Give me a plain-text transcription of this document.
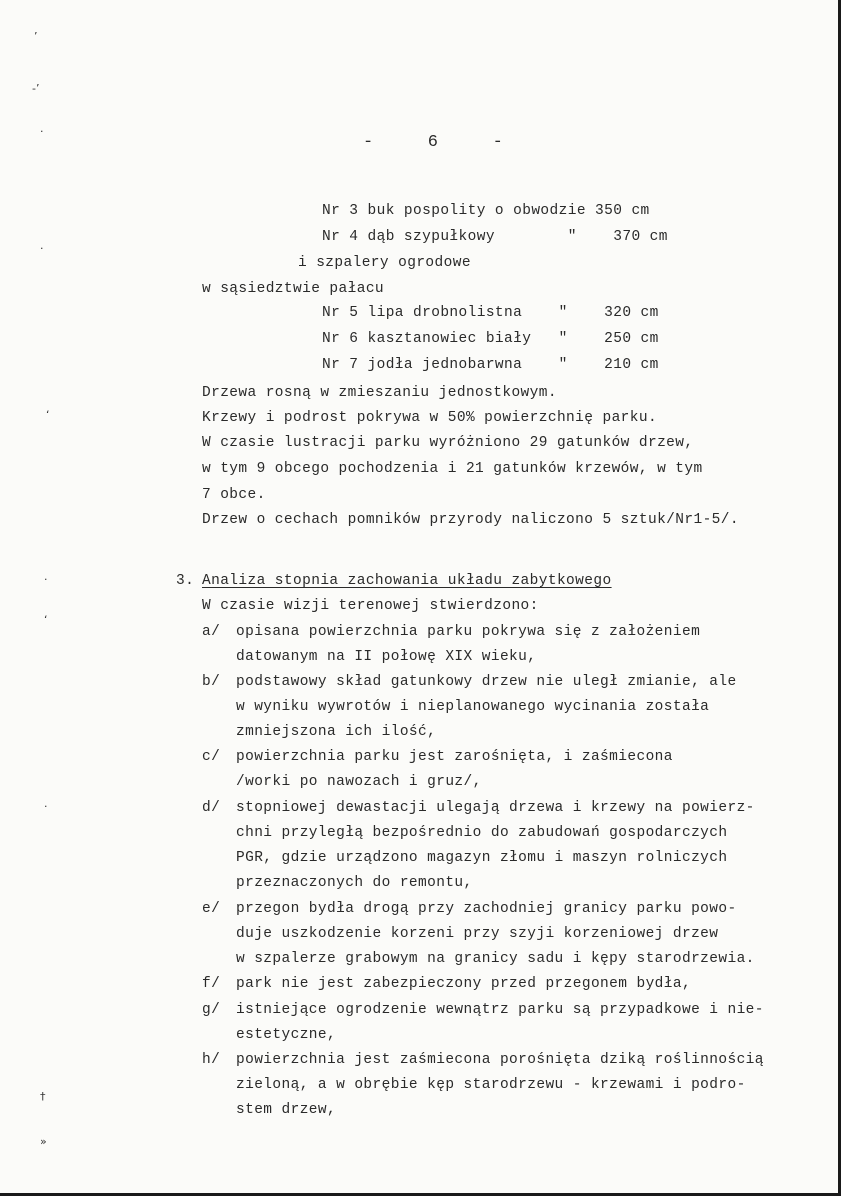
’
-’
·
·
ʻ
·
ʻ
·
†
»
-   6   -
Nr 3 buk pospolity o obwodzie 350 cm
Nr 4 dąb szypułkowy        "    370 cm
i szpalery ogrodowe
w sąsiedztwie pałacu
Nr 5 lipa drobnolistna    "    320 cm
Nr 6 kasztanowiec biały   "    250 cm
Nr 7 jodła jednobarwna    "    210 cm
Drzewa rosną w zmieszaniu jednostkowym.
Krzewy i podrost pokrywa w 50% powierzchnię parku.
W czasie lustracji parku wyróżniono 29 gatunków drzew,
w tym 9 obcego pochodzenia i 21 gatunków krzewów, w tym
7 obce.
Drzew o cechach pomników przyrody naliczono 5 sztuk/Nr1-5/.
3. Analiza stopnia zachowania układu zabytkowego
W czasie wizji terenowej stwierdzono:
a/ opisana powierzchnia parku pokrywa się z założeniem
datowanym na II połowę XIX wieku,
b/ podstawowy skład gatunkowy drzew nie uległ zmianie, ale
w wyniku wywrotów i nieplanowanego wycinania została
zmniejszona ich ilość,
c/ powierzchnia parku jest zarośnięta, i zaśmiecona
/worki po nawozach i gruz/,
d/ stopniowej dewastacji ulegają drzewa i krzewy na powierz-
chni przyległą bezpośrednio do zabudowań gospodarczych
PGR, gdzie urządzono magazyn złomu i maszyn rolniczych
przeznaczonych do remontu,
e/ przegon bydła drogą przy zachodniej granicy parku powo-
duje uszkodzenie korzeni przy szyji korzeniowej drzew
w szpalerze grabowym na granicy sadu i kępy starodrzewia.
f/ park nie jest zabezpieczony przed przegonem bydła,
g/ istniejące ogrodzenie wewnątrz parku są przypadkowe i nie-
estetyczne,
h/ powierzchnia jest zaśmiecona porośnięta dziką roślinnością
zieloną, a w obrębie kęp starodrzewu - krzewami i podro-
stem drzew,
